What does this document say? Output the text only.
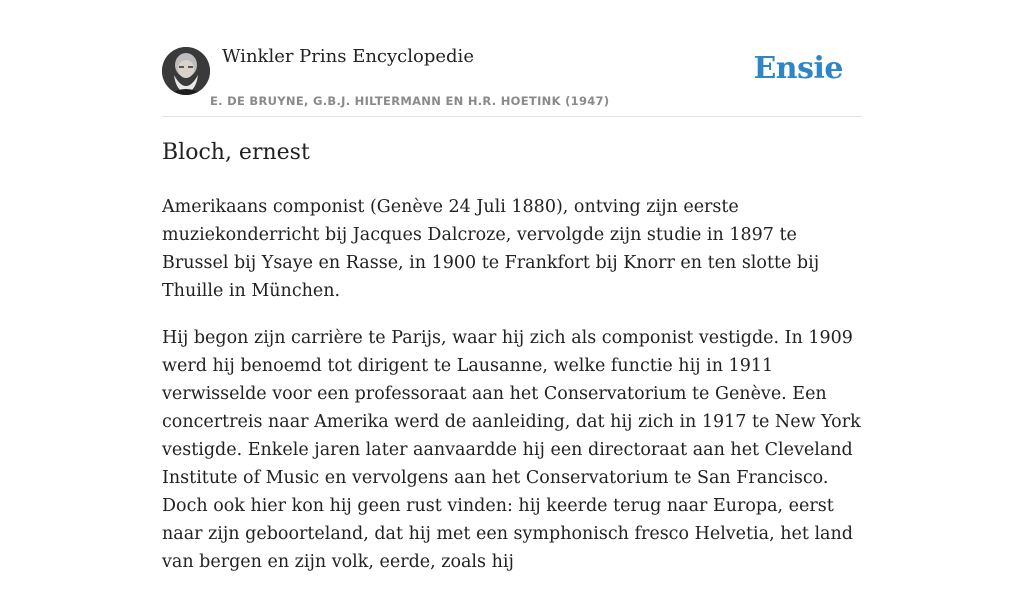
Winkler Prins Encyclopedie
E. DE BRUYNE, G.B.J. HILTERMANN EN H.R. HOETINK (1947)
Ensie
Bloch, ernest

Amerikaans componist (Genève 24 Juli 1880), ontving zijn eerste muziekonderricht bij Jacques Dalcroze, vervolgde zijn studie in 1897 te Brussel bij Ysaye en Rasse, in 1900 te Frankfort bij Knorr en ten slotte bij Thuille in München.

Hij begon zijn carrière te Parijs, waar hij zich als componist vestigde. In 1909 werd hij benoemd tot dirigent te Lausanne, welke functie hij in 1911 verwisselde voor een professoraat aan het Conservatorium te Genève. Een concertreis naar Amerika werd de aanleiding, dat hij zich in 1917 te New York vestigde. Enkele jaren later aanvaardde hij een directoraat aan het Cleveland Institute of Music en vervolgens aan het Conservatorium te San Francisco. Doch ook hier kon hij geen rust vinden: hij keerde terug naar Europa, eerst naar zijn geboorteland, dat hij met een symphonisch fresco Helvetia, het land van bergen en zijn volk, eerde, zoals hij
